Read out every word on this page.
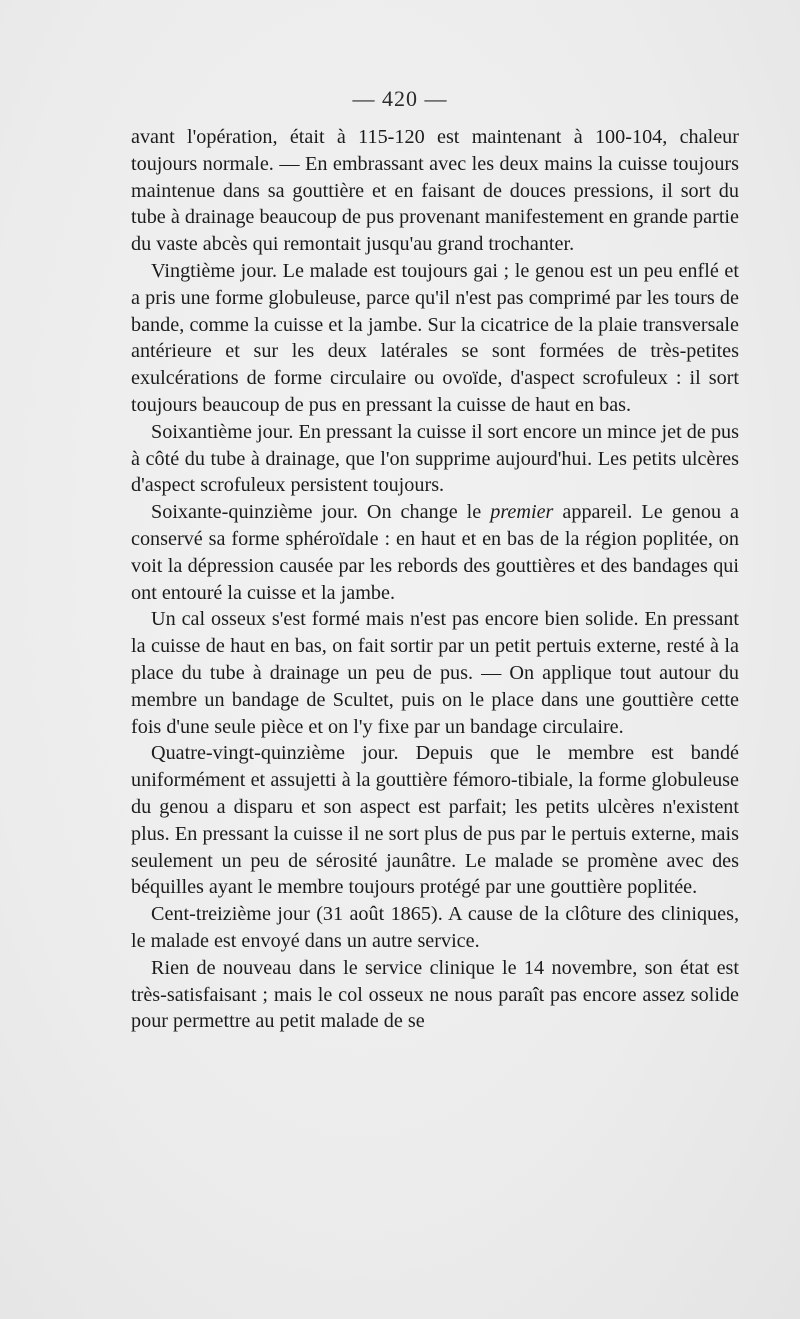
— 420 —

avant l'opération, était à 115-120 est maintenant à 100-104, chaleur toujours normale. — En embrassant avec les deux mains la cuisse toujours maintenue dans sa gouttière et en faisant de douces pressions, il sort du tube à drainage beaucoup de pus provenant manifestement en grande partie du vaste abcès qui remontait jusqu'au grand trochanter.

Vingtième jour. Le malade est toujours gai ; le genou est un peu enflé et a pris une forme globuleuse, parce qu'il n'est pas comprimé par les tours de bande, comme la cuisse et la jambe. Sur la cicatrice de la plaie transversale antérieure et sur les deux latérales se sont formées de très-petites exulcérations de forme circulaire ou ovoïde, d'aspect scrofuleux : il sort toujours beaucoup de pus en pressant la cuisse de haut en bas.

Soixantième jour. En pressant la cuisse il sort encore un mince jet de pus à côté du tube à drainage, que l'on supprime aujourd'hui. Les petits ulcères d'aspect scrofuleux persistent toujours.

Soixante-quinzième jour. On change le premier appareil. Le genou a conservé sa forme sphéroïdale : en haut et en bas de la région poplitée, on voit la dépression causée par les rebords des gouttières et des bandages qui ont entouré la cuisse et la jambe.

Un cal osseux s'est formé mais n'est pas encore bien solide. En pressant la cuisse de haut en bas, on fait sortir par un petit pertuis externe, resté à la place du tube à drainage un peu de pus. — On applique tout autour du membre un bandage de Scultet, puis on le place dans une gouttière cette fois d'une seule pièce et on l'y fixe par un bandage circulaire.

Quatre-vingt-quinzième jour. Depuis que le membre est bandé uniformément et assujetti à la gouttière fémoro-tibiale, la forme globuleuse du genou a disparu et son aspect est parfait; les petits ulcères n'existent plus. En pressant la cuisse il ne sort plus de pus par le pertuis externe, mais seulement un peu de sérosité jaunâtre. Le malade se promène avec des béquilles ayant le membre toujours protégé par une gouttière poplitée.

Cent-treizième jour (31 août 1865). A cause de la clôture des cliniques, le malade est envoyé dans un autre service.

Rien de nouveau dans le service clinique le 14 novembre, son état est très-satisfaisant ; mais le col osseux ne nous paraît pas encore assez solide pour permettre au petit malade de se
